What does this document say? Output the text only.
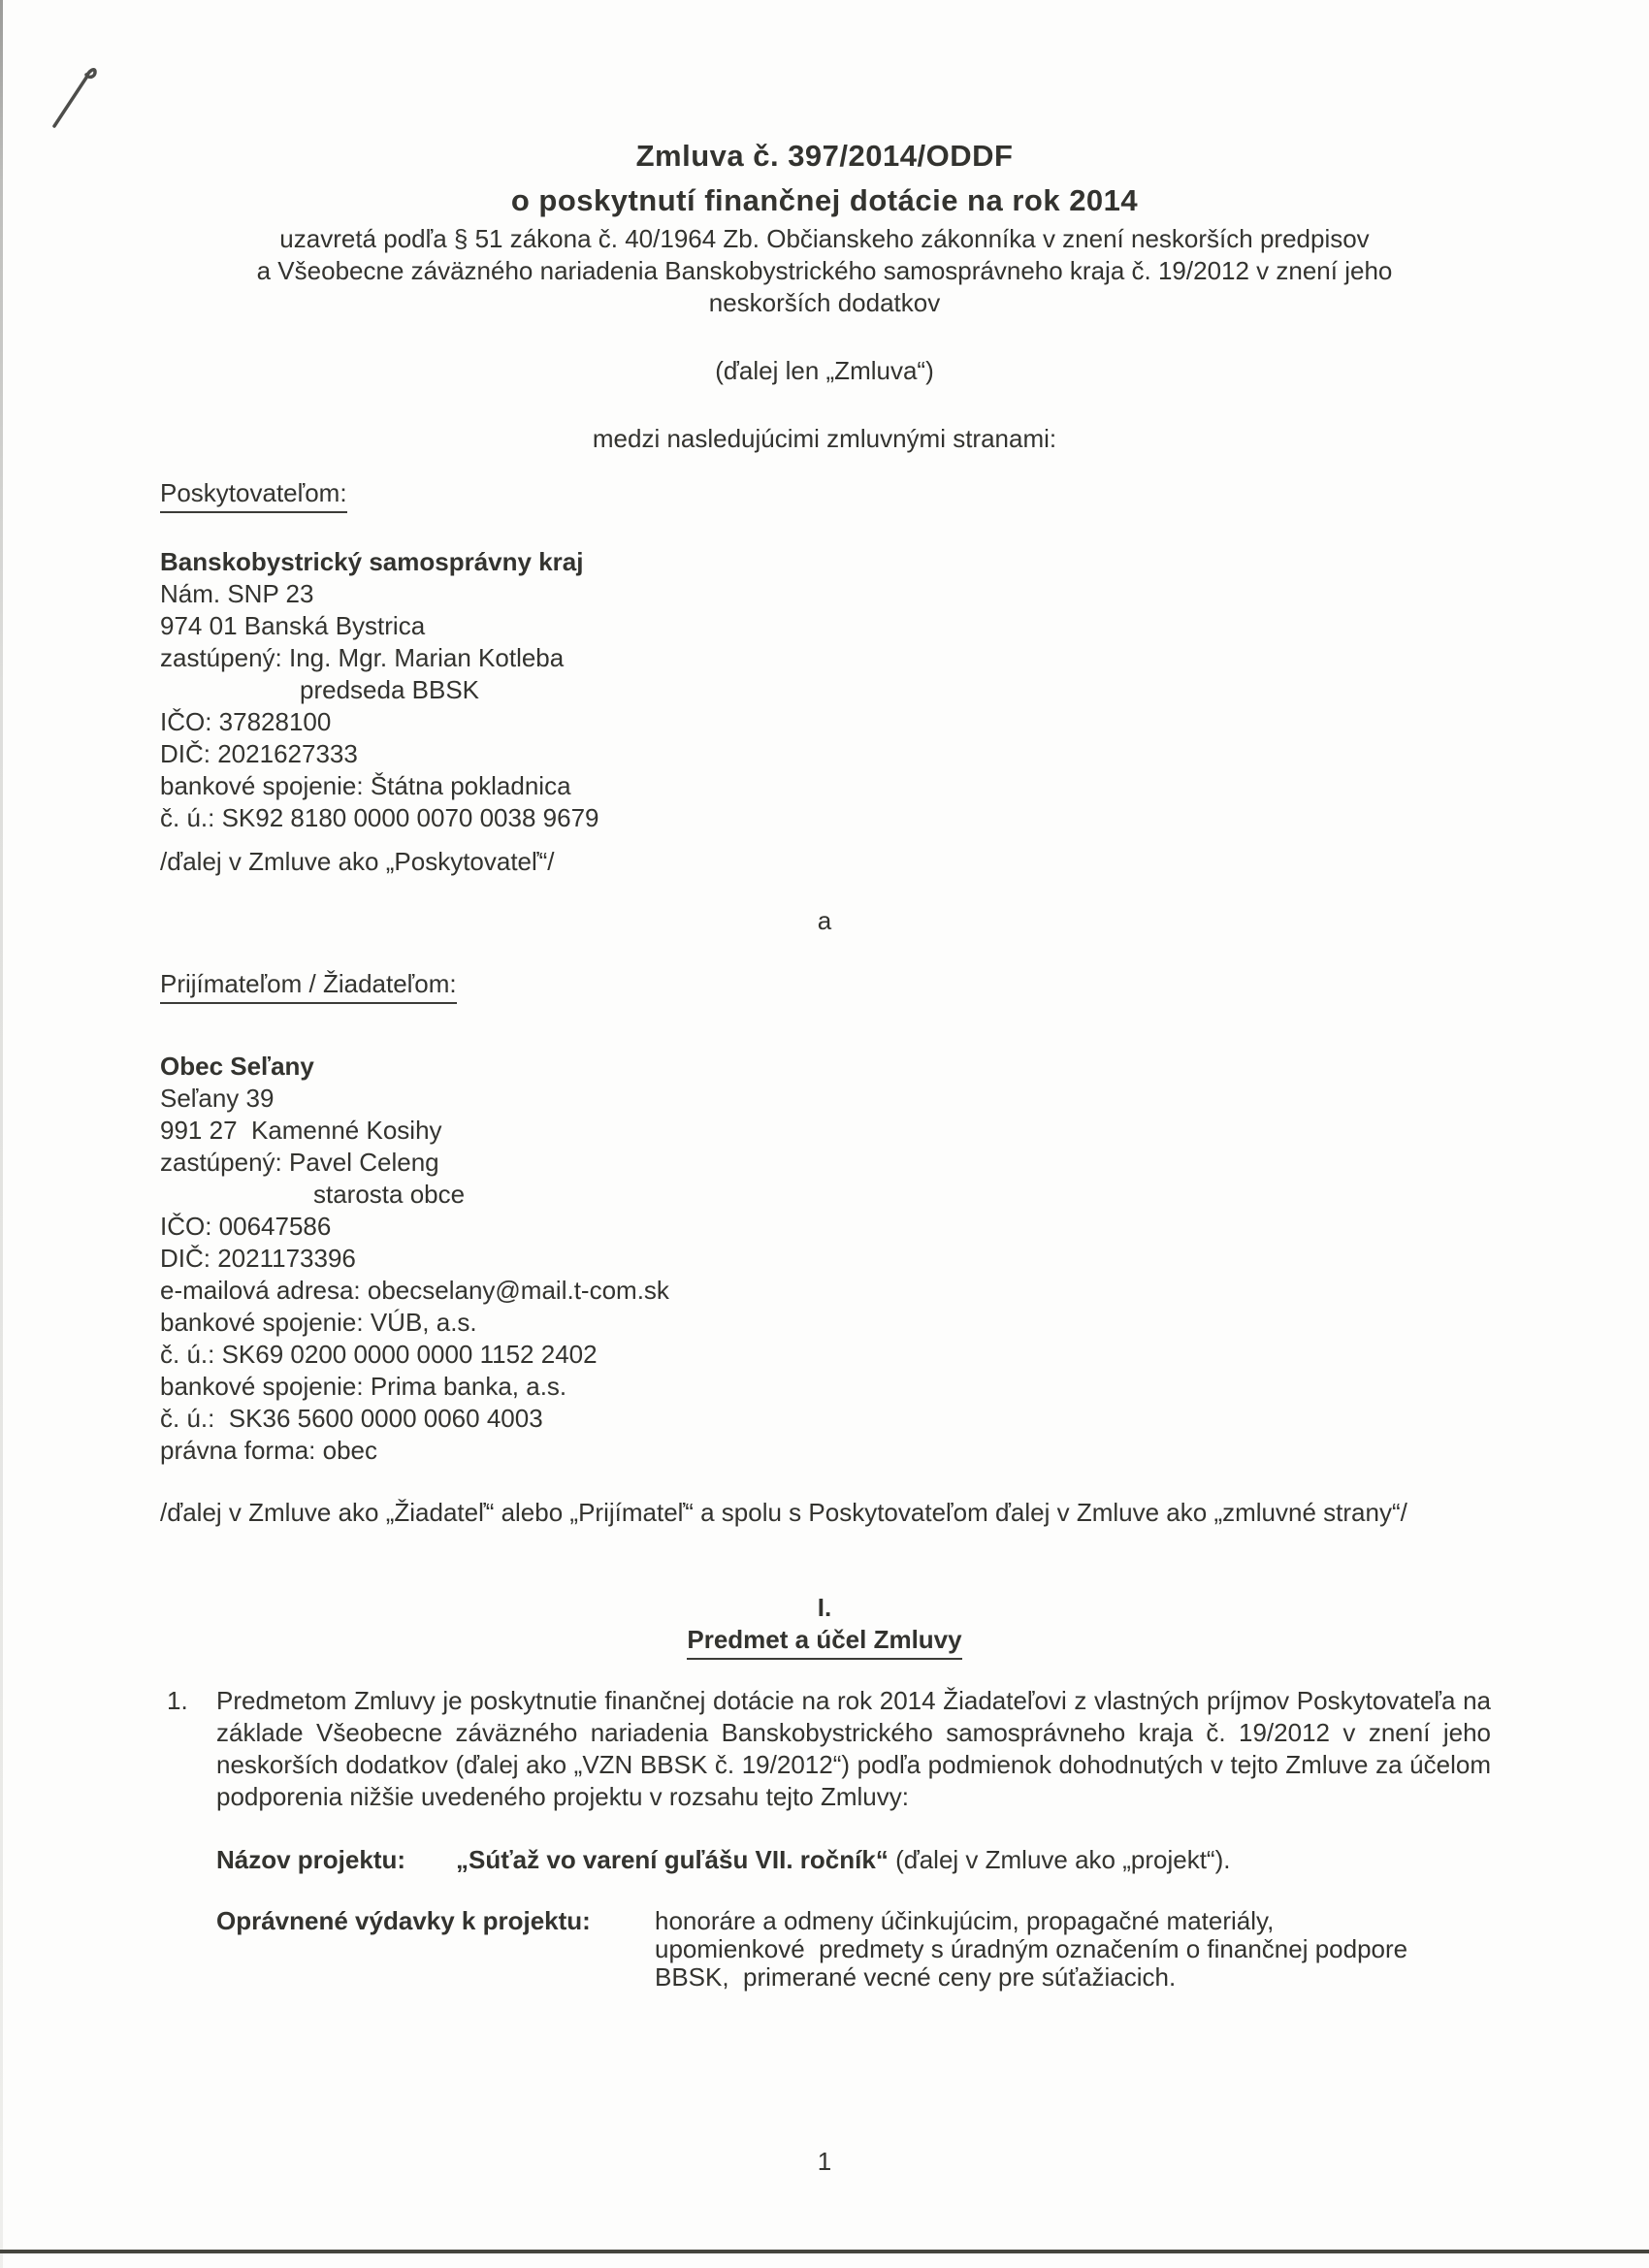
Zmluva č. 397/2014/ODDF
o poskytnutí finančnej dotácie na rok 2014
uzavretá podľa § 51 zákona č. 40/1964 Zb. Občianskeho zákonníka v znení neskorších predpisov
a Všeobecne záväzného nariadenia Banskobystrického samosprávneho kraja č. 19/2012 v znení jeho
neskorších dodatkov
(ďalej len „Zmluva“)
medzi nasledujúcimi zmluvnými stranami:
Poskytovateľom:
Banskobystrický samosprávny kraj
Nám. SNP 23
974 01 Banská Bystrica
zastúpený: Ing. Mgr. Marian Kotleba
predseda BBSK
IČO: 37828100
DIČ: 2021627333
bankové spojenie: Štátna pokladnica
č. ú.: SK92 8180 0000 0070 0038 9679
/ďalej v Zmluve ako „Poskytovateľ“/
a
Prijímateľom / Žiadateľom:
Obec Seľany
Seľany 39
991 27  Kamenné Kosihy
zastúpený: Pavel Celeng
starosta obce
IČO: 00647586
DIČ: 2021173396
e-mailová adresa: obecselany@mail.t-com.sk
bankové spojenie: VÚB, a.s.
č. ú.: SK69 0200 0000 0000 1152 2402
bankové spojenie: Prima banka, a.s.
č. ú.:  SK36 5600 0000 0060 4003
právna forma: obec
/ďalej v Zmluve ako „Žiadateľ“ alebo „Prijímateľ“ a spolu s Poskytovateľom ďalej v Zmluve ako „zmluvné strany“/
I.
Predmet a účel Zmluvy
1.	Predmetom Zmluvy je poskytnutie finančnej dotácie na rok 2014 Žiadateľovi z vlastných príjmov Poskytovateľa na základe Všeobecne záväzného nariadenia Banskobystrického samosprávneho kraja č. 19/2012 v znení jeho neskorších dodatkov (ďalej ako „VZN BBSK č. 19/2012“) podľa podmienok dohodnutých v tejto Zmluve za účelom podporenia nižšie uvedeného projektu v rozsahu tejto Zmluvy:
Názov projektu: „Súťaž vo varení guľášu VII. ročník“ (ďalej v Zmluve ako „projekt“).
Oprávnené výdavky k projektu:	honoráre a odmeny účinkujúcim, propagačné materiály,
upomienkové  predmety s úradným označením o finančnej podpore
BBSK,  primerané vecné ceny pre súťažiacich.
1
